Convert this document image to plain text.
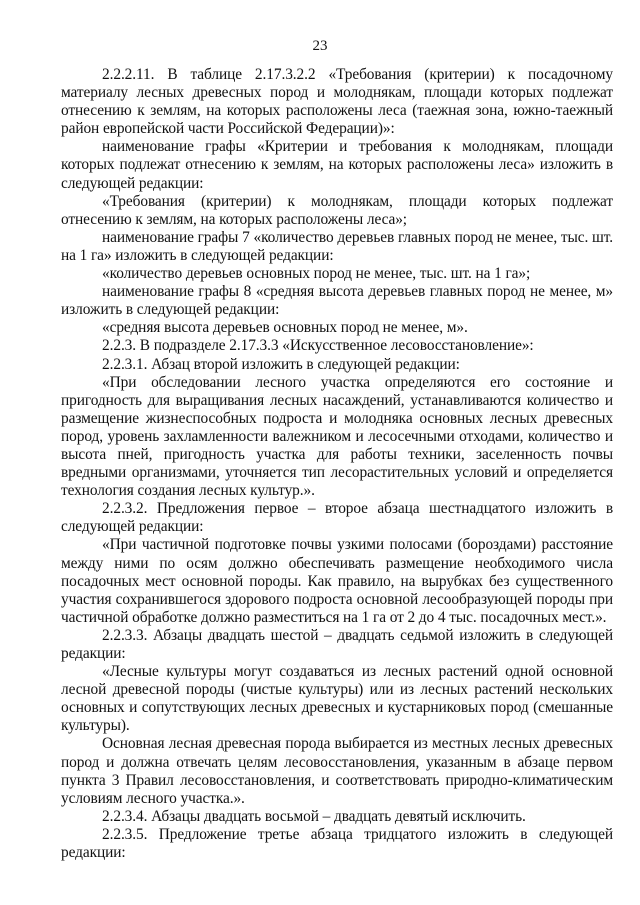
23

2.2.2.11. В таблице 2.17.3.2.2 «Требования (критерии) к посадочному материалу лесных древесных пород и молоднякам, площади которых подлежат отнесению к землям, на которых расположены леса (таежная зона, южно-таежный район европейской части Российской Федерации)»:

наименование графы «Критерии и требования к молоднякам, площади которых подлежат отнесению к землям, на которых расположены леса» изложить в следующей редакции:

«Требования (критерии) к молоднякам, площади которых подлежат отнесению к землям, на которых расположены леса»;

наименование графы 7 «количество деревьев главных пород не менее, тыс. шт. на 1 га» изложить в следующей редакции:

«количество деревьев основных пород не менее, тыс. шт. на 1 га»;

наименование графы 8 «средняя высота деревьев главных пород не менее, м» изложить в следующей редакции:

«средняя высота деревьев основных пород не менее, м».

2.2.3. В подразделе 2.17.3.3 «Искусственное лесовосстановление»:

2.2.3.1. Абзац второй изложить в следующей редакции:

«При обследовании лесного участка определяются его состояние и пригодность для выращивания лесных насаждений, устанавливаются количество и размещение жизнеспособных подроста и молодняка основных лесных древесных пород, уровень захламленности валежником и лесосечными отходами, количество и высота пней, пригодность участка для работы техники, заселенность почвы вредными организмами, уточняется тип лесорастительных условий и определяется технология создания лесных культур.».

2.2.3.2. Предложения первое – второе абзаца шестнадцатого изложить в следующей редакции:

«При частичной подготовке почвы узкими полосами (бороздами) расстояние между ними по осям должно обеспечивать размещение необходимого числа посадочных мест основной породы. Как правило, на вырубках без существенного участия сохранившегося здорового подроста основной лесообразующей породы при частичной обработке должно разместиться на 1 га от 2 до 4 тыс. посадочных мест.».

2.2.3.3. Абзацы двадцать шестой – двадцать седьмой изложить в следующей редакции:

«Лесные культуры могут создаваться из лесных растений одной основной лесной древесной породы (чистые культуры) или из лесных растений нескольких основных и сопутствующих лесных древесных и кустарниковых пород (смешанные культуры).

Основная лесная древесная порода выбирается из местных лесных древесных пород и должна отвечать целям лесовосстановления, указанным в абзаце первом пункта 3 Правил лесовосстановления, и соответствовать природно-климатическим условиям лесного участка.».

2.2.3.4. Абзацы двадцать восьмой – двадцать девятый исключить.

2.2.3.5. Предложение третье абзаца тридцатого изложить в следующей редакции:
